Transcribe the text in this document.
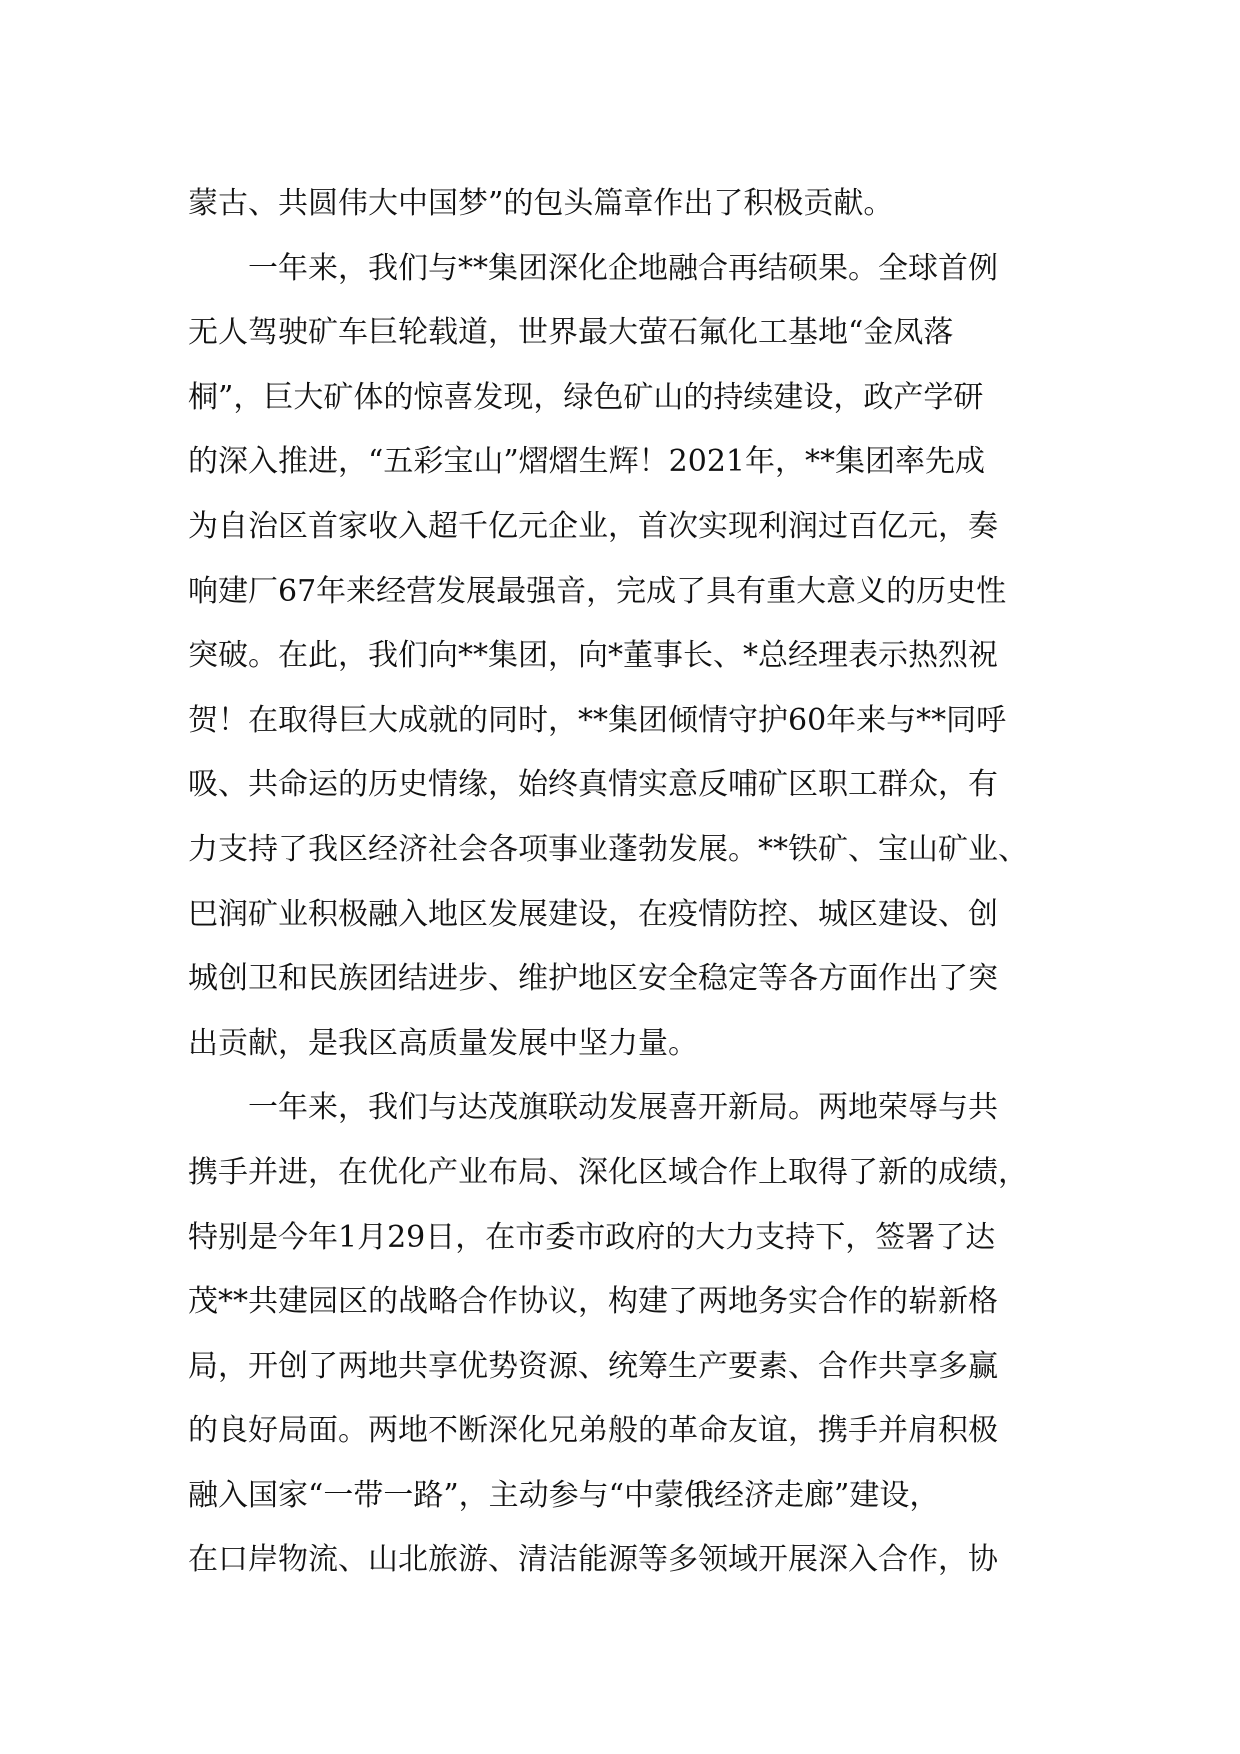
蒙古、共圆伟大中国梦”的包头篇章作出了积极贡献。
　　一年来，我们与**集团深化企地融合再结硕果。全球首例
无人驾驶矿车巨轮载道，世界最大萤石氟化工基地“金凤落
桐”，巨大矿体的惊喜发现，绿色矿山的持续建设，政产学研
的深入推进，“五彩宝山”熠熠生辉！2021年，**集团率先成
为自治区首家收入超千亿元企业，首次实现利润过百亿元，奏
响建厂67年来经营发展最强音，完成了具有重大意义的历史性
突破。在此，我们向**集团，向*董事长、*总经理表示热烈祝
贺！在取得巨大成就的同时，**集团倾情守护60年来与**同呼
吸、共命运的历史情缘，始终真情实意反哺矿区职工群众，有
力支持了我区经济社会各项事业蓬勃发展。**铁矿、宝山矿业、
巴润矿业积极融入地区发展建设，在疫情防控、城区建设、创
城创卫和民族团结进步、维护地区安全稳定等各方面作出了突
出贡献，是我区高质量发展中坚力量。
　　一年来，我们与达茂旗联动发展喜开新局。两地荣辱与共
携手并进，在优化产业布局、深化区域合作上取得了新的成绩，
特别是今年1月29日，在市委市政府的大力支持下，签署了达
茂**共建园区的战略合作协议，构建了两地务实合作的崭新格
局，开创了两地共享优势资源、统筹生产要素、合作共享多赢
的良好局面。两地不断深化兄弟般的革命友谊，携手并肩积极
融入国家“一带一路”，主动参与“中蒙俄经济走廊”建设，
在口岸物流、山北旅游、清洁能源等多领域开展深入合作，协
